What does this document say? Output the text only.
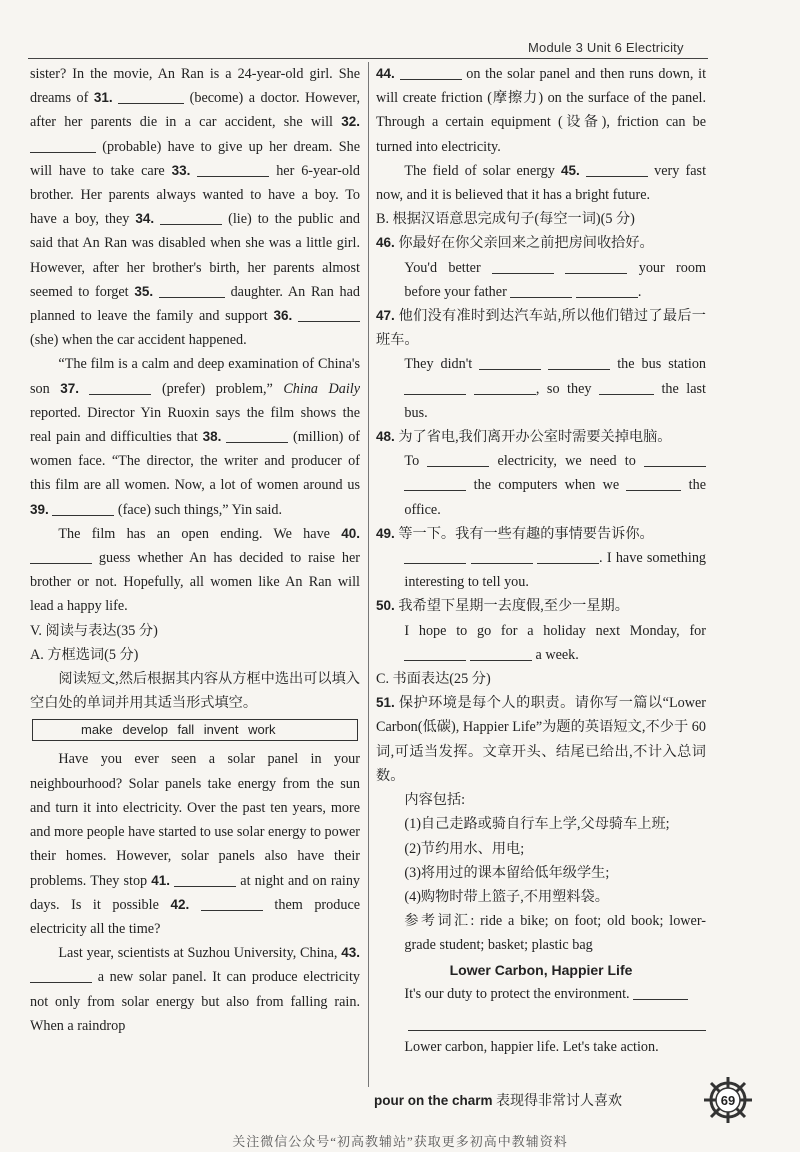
Module 3 Unit 6 Electricity

sister? In the movie, An Ran is a 24-year-old girl. She dreams of 31.	(become) a doctor. However, after her parents die in a car accident, she will 32.  (probable) have to give up her dream. She will have to take care 33.	her 6-year-old brother. Her parents always wanted to have a boy. To have a boy, they 34.	(lie) to the public and said that An Ran was disabled when she was a little girl. However, after her brother's birth, her parents almost seemed to forget 35.	daughter. An Ran had planned to leave the family and support 36.  (she) when the car accident happened.

“The film is a calm and deep examination of China's son 37.	(prefer) problem,” China Daily reported. Director Yin Ruoxin says the film shows the real pain and difficulties that 38.	(million) of women face. “The director, the writer and producer of this film are all women. Now, a lot of women around us 39.	(face) such things,” Yin said.

The film has an open ending. We have 40.  guess whether An has decided to raise her brother or not. Hopefully, all women like An Ran will lead a happy life.

V. 阅读与表达(35 分)

A. 方框选词(5 分)

阅读短文,然后根据其内容从方框中选出可以填入空白处的单词并用其适当形式填空。

make develop fall invent work

Have you ever seen a solar panel in your neighbourhood? Solar panels take energy from the sun and turn it into electricity. Over the past ten years, more and more people have started to use solar energy to power their homes. However, solar panels also have their problems. They stop 41.	at night and on rainy days. Is it possible 42.	them produce electricity all the time?

Last year, scientists at Suzhou University, China, 43.  a new solar panel. It can produce electricity not only from solar energy but also from falling rain. When a raindrop

44.	on the solar panel and then runs down, it will create friction (摩擦力) on the surface of the panel. Through a certain equipment (设备), friction can be turned into electricity.

The field of solar energy 45.	very fast now, and it is believed that it has a bright future.

B. 根据汉语意思完成句子(每空一词)(5 分)

46. 你最好在你父亲回来之前把房间收拾好。

You'd better	your room before your father	.

47. 他们没有准时到达汽车站,所以他们错过了最后一班车。

They didn't	the bus station  , so they	the last bus.

48. 为了省电,我们离开办公室时需要关掉电脑。

To	electricity, we need to   the computers when we	the office.

49. 等一下。我有一些有趣的事情要告诉你。

. I have something interesting to tell you.

50. 我希望下星期一去度假,至少一星期。

I hope to go for a holiday next Monday, for   a week.

C. 书面表达(25 分)

51. 保护环境是每个人的职责。请你写一篇以“Lower Carbon(低碳), Happier Life”为题的英语短文,不少于 60 词,可适当发挥。文章开头、结尾已给出,不计入总词数。

内容包括:

(1)自己走路或骑自行车上学,父母骑车上班;

(2)节约用水、用电;

(3)将用过的课本留给低年级学生;

(4)购物时带上篮子,不用塑料袋。

参考词汇: ride a bike; on foot; old book; lower-grade student; basket; plastic bag

Lower Carbon, Happier Life

It's our duty to protect the environment.

Lower carbon, happier life. Let's take action.

pour on the charm 表现得非常讨人喜欢	69
关注微信公众号“初高教辅站”获取更多初高中教辅资料
